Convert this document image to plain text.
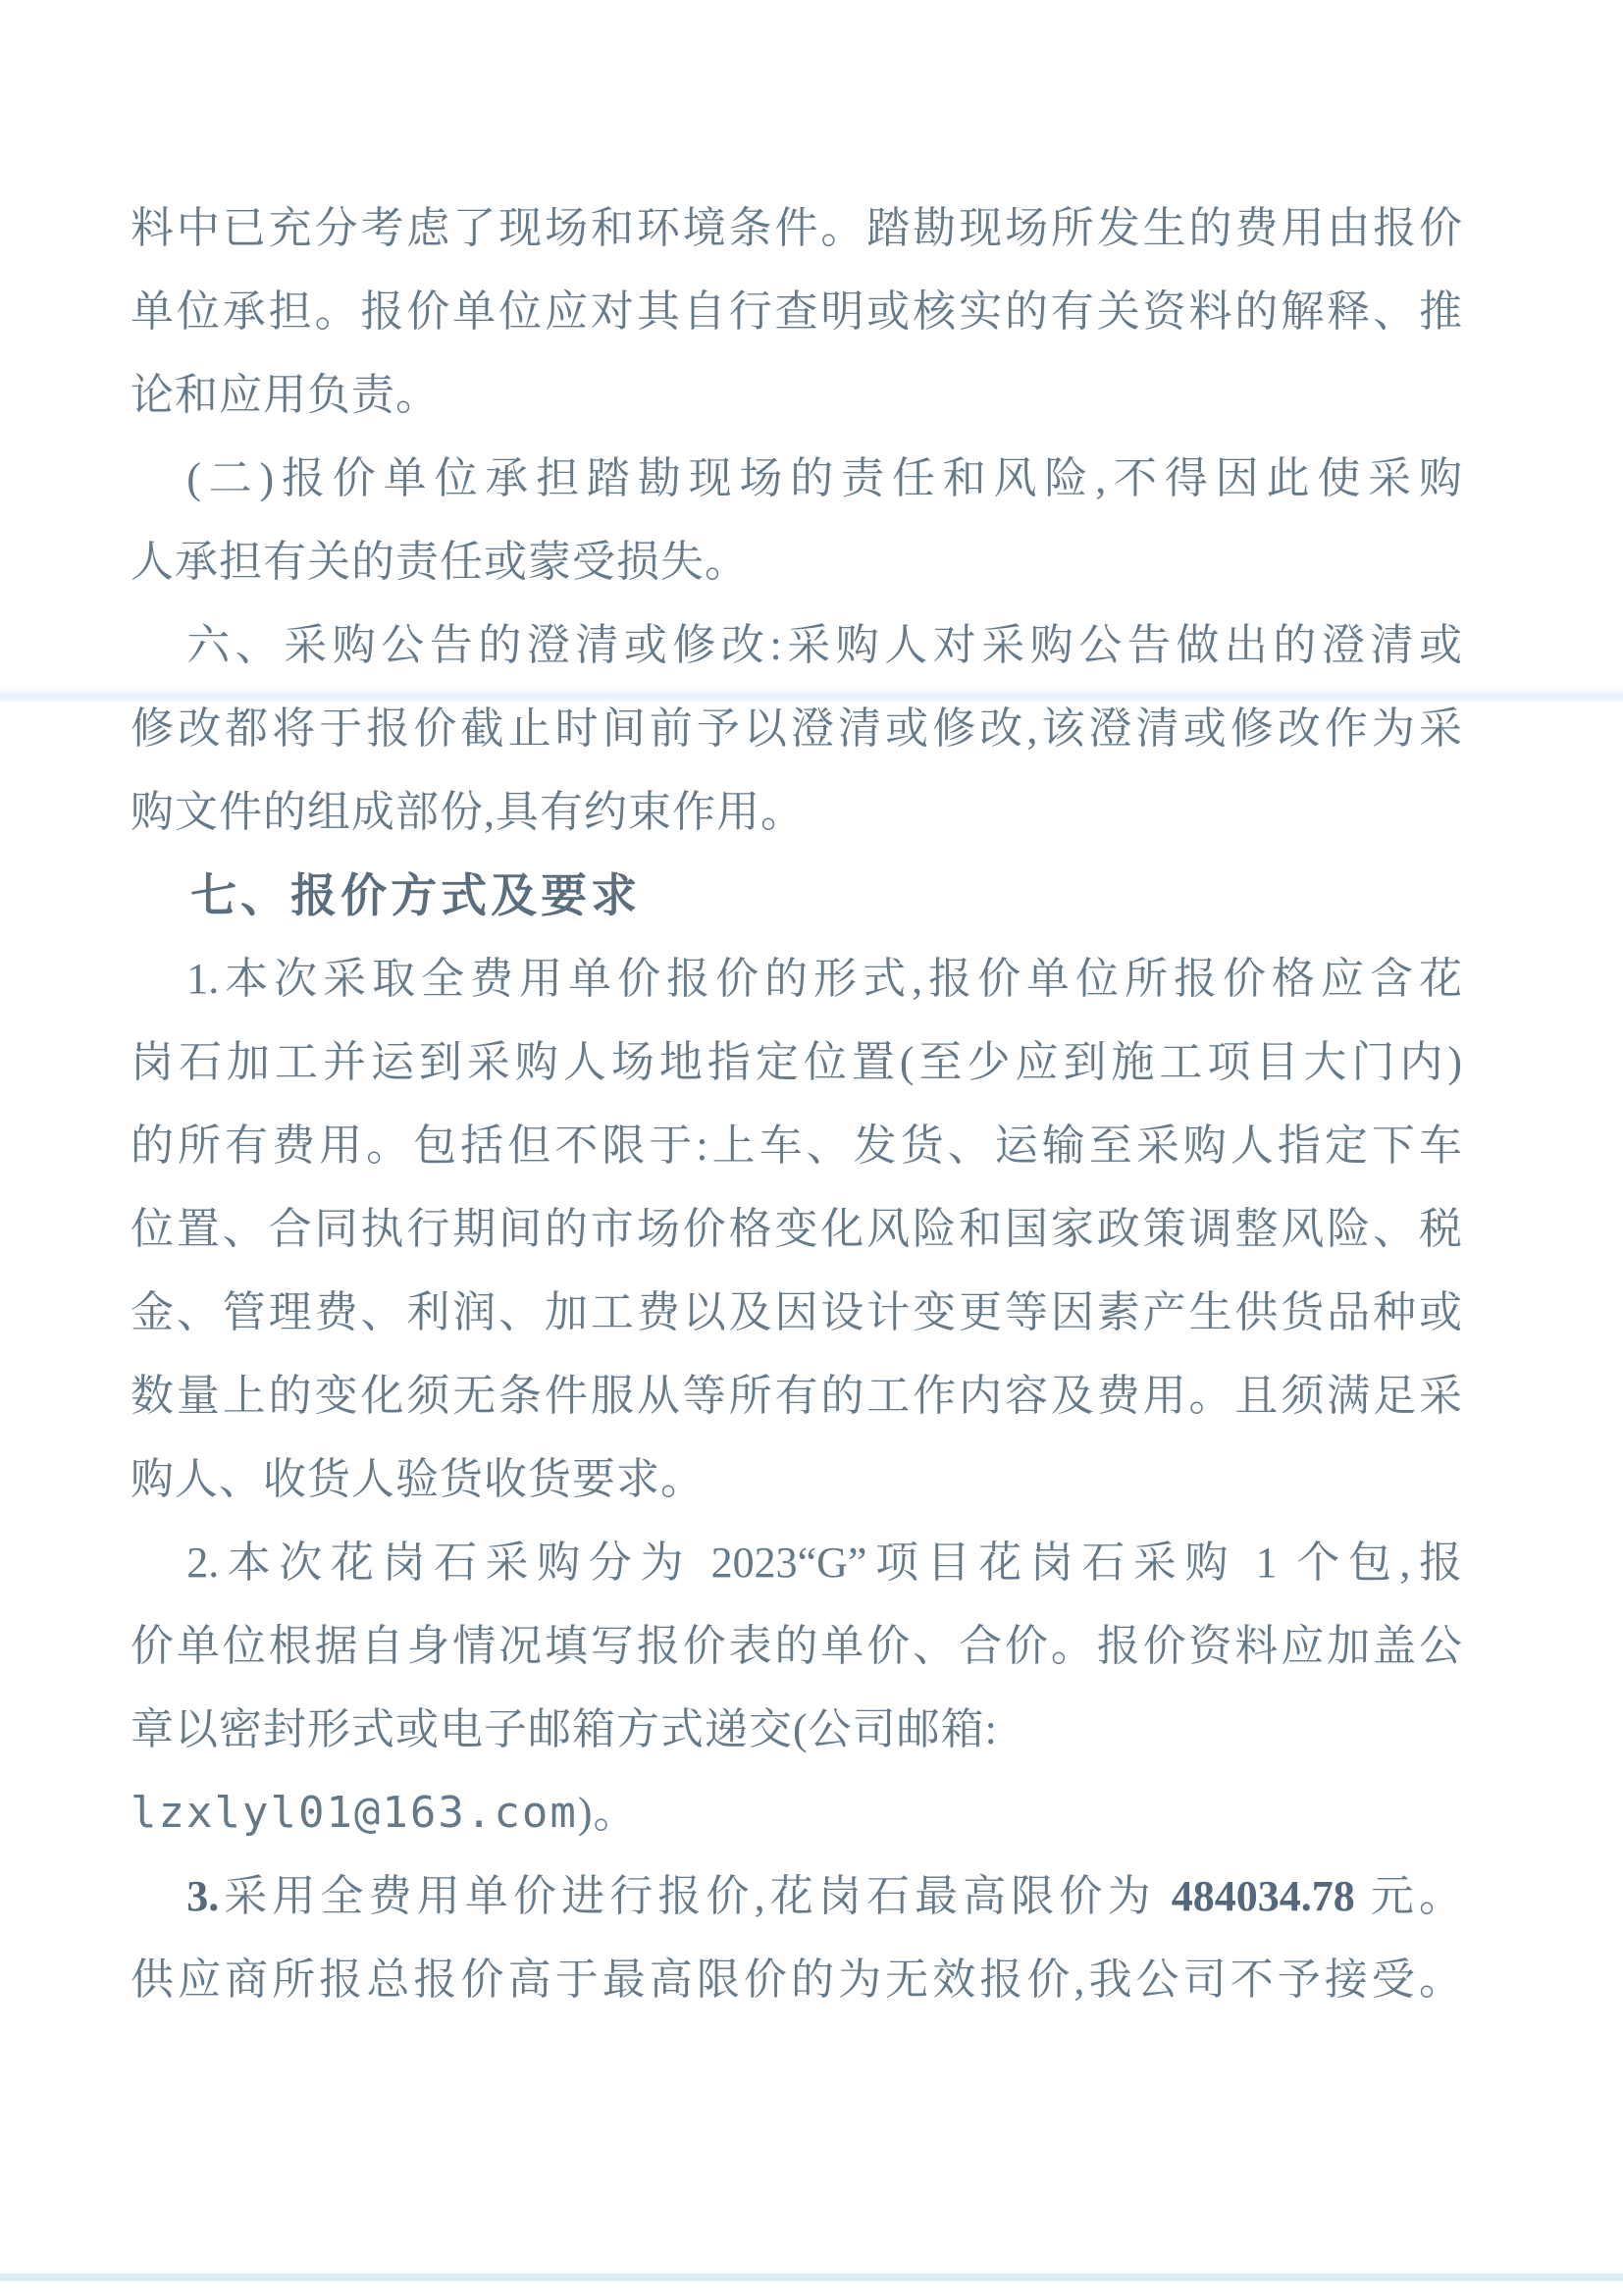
料中已充分考虑了现场和环境条件。踏勘现场所发生的费用由报价
单位承担。报价单位应对其自行查明或核实的有关资料的解释、推
论和应用负责。
(二)报价单位承担踏勘现场的责任和风险,不得因此使采购
人承担有关的责任或蒙受损失。
六、采购公告的澄清或修改:采购人对采购公告做出的澄清或
修改都将于报价截止时间前予以澄清或修改,该澄清或修改作为采
购文件的组成部份,具有约束作用。
七、报价方式及要求
1.本次采取全费用单价报价的形式,报价单位所报价格应含花
岗石加工并运到采购人场地指定位置(至少应到施工项目大门内)
的所有费用。包括但不限于:上车、发货、运输至采购人指定下车
位置、合同执行期间的市场价格变化风险和国家政策调整风险、税
金、管理费、利润、加工费以及因设计变更等因素产生供货品种或
数量上的变化须无条件服从等所有的工作内容及费用。且须满足采
购人、收货人验货收货要求。
2.本次花岗石采购分为 2023“G”项目花岗石采购 1 个包,报
价单位根据自身情况填写报价表的单价、合价。报价资料应加盖公
章以密封形式或电子邮箱方式递交(公司邮箱:
lzxlyl01@163.com)。
3.采用全费用单价进行报价,花岗石最高限价为 484034.78 元。
供应商所报总报价高于最高限价的为无效报价,我公司不予接受。
